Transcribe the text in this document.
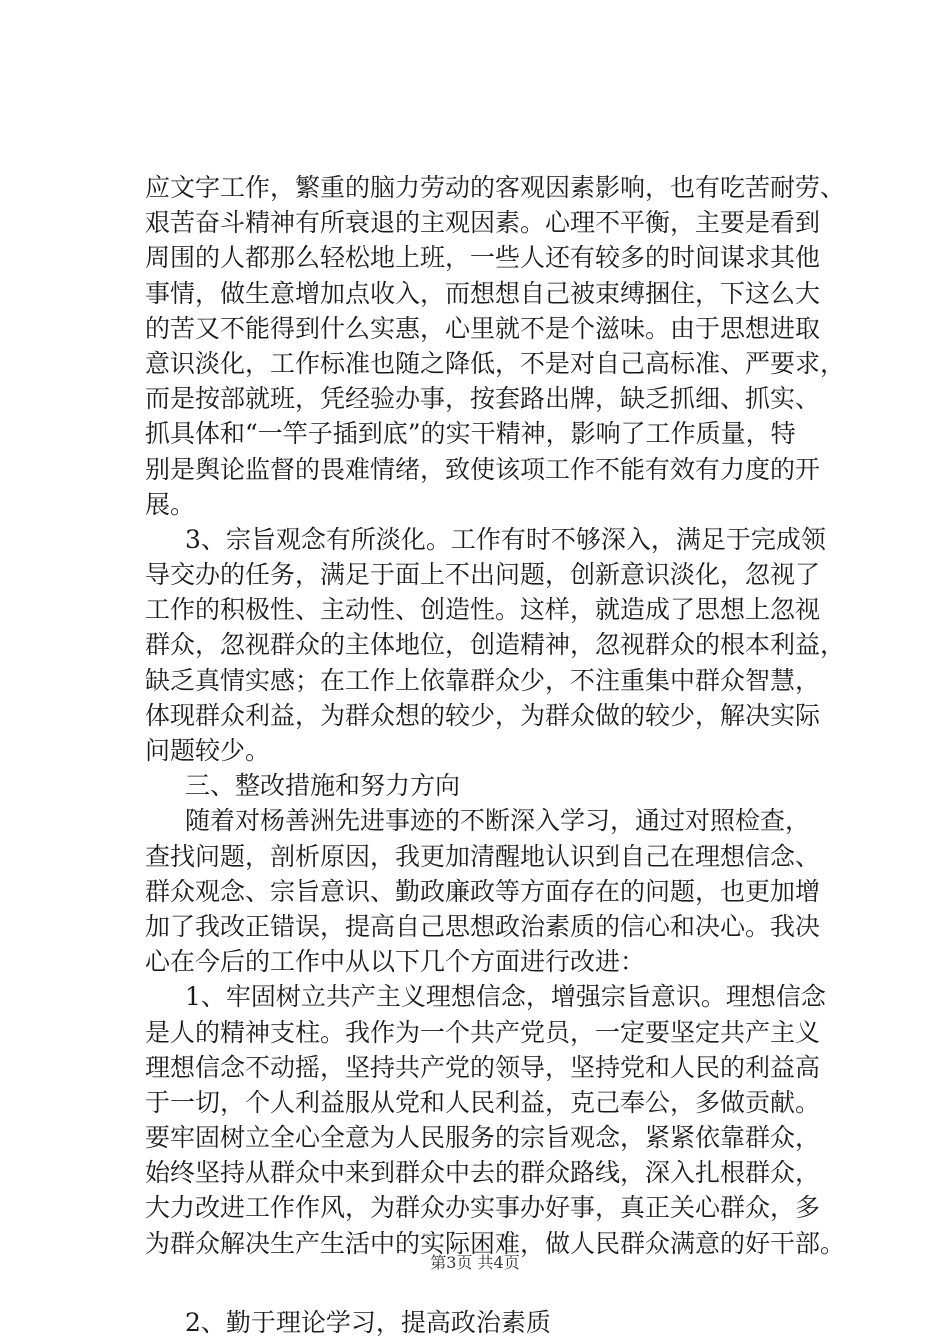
应文字工作，繁重的脑力劳动的客观因素影响，也有吃苦耐劳、
艰苦奋斗精神有所衰退的主观因素。心理不平衡，主要是看到
周围的人都那么轻松地上班，一些人还有较多的时间谋求其他
事情，做生意增加点收入，而想想自己被束缚捆住，下这么大
的苦又不能得到什么实惠，心里就不是个滋味。由于思想进取
意识淡化，工作标准也随之降低，不是对自己高标准、严要求，
而是按部就班，凭经验办事，按套路出牌，缺乏抓细、抓实、
抓具体和“一竿子插到底”的实干精神，影响了工作质量，特
别是舆论监督的畏难情绪，致使该项工作不能有效有力度的开
展。
3、宗旨观念有所淡化。工作有时不够深入，满足于完成领
导交办的任务，满足于面上不出问题，创新意识淡化，忽视了
工作的积极性、主动性、创造性。这样，就造成了思想上忽视
群众，忽视群众的主体地位，创造精神，忽视群众的根本利益，
缺乏真情实感；在工作上依靠群众少，不注重集中群众智慧，
体现群众利益，为群众想的较少，为群众做的较少，解决实际
问题较少。
三、整改措施和努力方向
随着对杨善洲先进事迹的不断深入学习，通过对照检查，
查找问题，剖析原因，我更加清醒地认识到自己在理想信念、
群众观念、宗旨意识、勤政廉政等方面存在的问题，也更加增
加了我改正错误，提高自己思想政治素质的信心和决心。我决
心在今后的工作中从以下几个方面进行改进：
1、牢固树立共产主义理想信念，增强宗旨意识。理想信念
是人的精神支柱。我作为一个共产党员，一定要坚定共产主义
理想信念不动摇，坚持共产党的领导，坚持党和人民的利益高
于一切，个人利益服从党和人民利益，克己奉公，多做贡献。
要牢固树立全心全意为人民服务的宗旨观念，紧紧依靠群众，
始终坚持从群众中来到群众中去的群众路线，深入扎根群众，
大力改进工作作风，为群众办实事办好事，真正关心群众，多
为群众解决生产生活中的实际困难，做人民群众满意的好干部。
2、勤于理论学习，提高政治素质
第3页 共4页
